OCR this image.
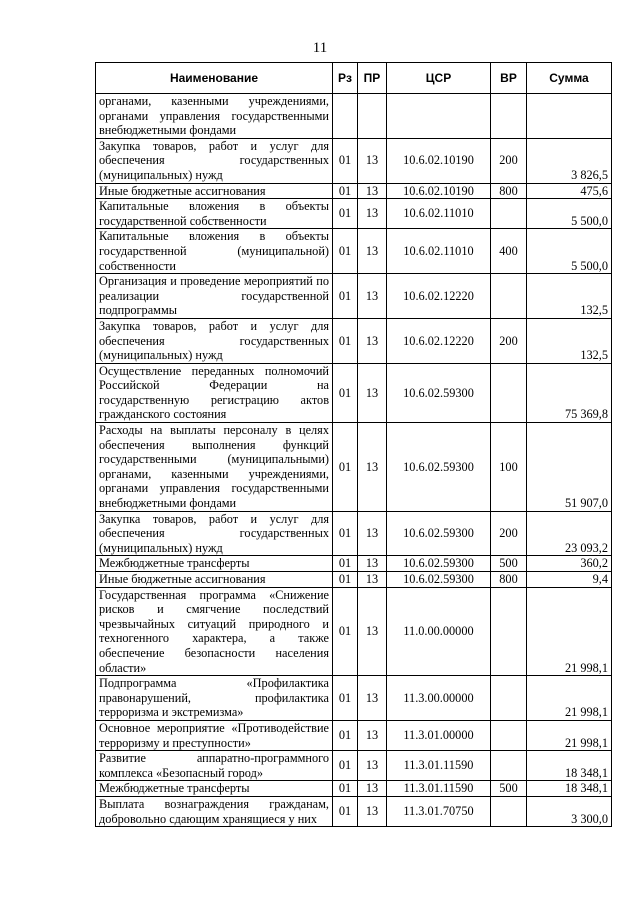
11
Наименование	Рз	ПР	ЦСР	ВР	Сумма
органами, казенными учреждениями, органами управления государственными внебюджетными фондами					
Закупка товаров, работ и услуг для обеспечения государственных (муниципальных) нужд	01	13	10.6.02.10190	200	3 826,5
Иные бюджетные ассигнования	01	13	10.6.02.10190	800	475,6
Капитальные вложения в объекты государственной собственности	01	13	10.6.02.11010		5 500,0
Капитальные вложения в объекты государственной (муниципальной) собственности	01	13	10.6.02.11010	400	5 500,0
Организация и проведение мероприятий по реализации государственной подпрограммы	01	13	10.6.02.12220		132,5
Закупка товаров, работ и услуг для обеспечения государственных (муниципальных) нужд	01	13	10.6.02.12220	200	132,5
Осуществление переданных полномочий Российской Федерации на государственную регистрацию актов гражданского состояния	01	13	10.6.02.59300		75 369,8
Расходы на выплаты персоналу в целях обеспечения выполнения функций государственными (муниципальными) органами, казенными учреждениями, органами управления государственными внебюджетными фондами	01	13	10.6.02.59300	100	51 907,0
Закупка товаров, работ и услуг для обеспечения государственных (муниципальных) нужд	01	13	10.6.02.59300	200	23 093,2
Межбюджетные трансферты	01	13	10.6.02.59300	500	360,2
Иные бюджетные ассигнования	01	13	10.6.02.59300	800	9,4
Государственная программа «Снижение рисков и смягчение последствий чрезвычайных ситуаций природного и техногенного характера, а также обеспечение безопасности населения области»	01	13	11.0.00.00000		21 998,1
Подпрограмма «Профилактика правонарушений, профилактика терроризма и экстремизма»	01	13	11.3.00.00000		21 998,1
Основное мероприятие «Противодействие терроризму и преступности»	01	13	11.3.01.00000		21 998,1
Развитие аппаратно-программного комплекса «Безопасный город»	01	13	11.3.01.11590		18 348,1
Межбюджетные трансферты	01	13	11.3.01.11590	500	18 348,1
Выплата вознаграждения гражданам, добровольно сдающим хранящиеся у них	01	13	11.3.01.70750		3 300,0
